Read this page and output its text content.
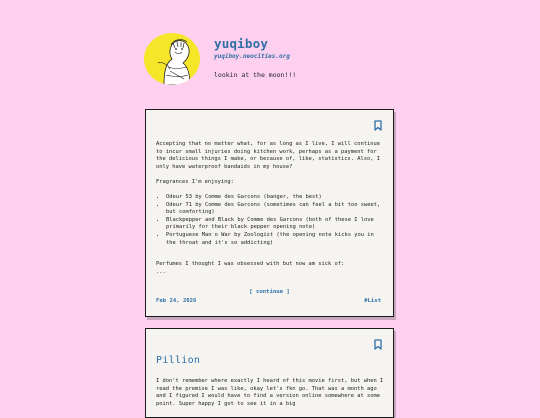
yuqiboy
yuqiboy.neocities.org
lookin at the moon!!!

Accepting that no matter what, for as long as I live, I will continue to incur small injuries doing kitchen work, perhaps as a payment for the delicious things I make, or because of, like, statistics. Also, I only have waterproof bandaids in my house?

Fragrances I'm enjoying:

• Odeur 53 by Comme des Garcons (banger, the best)
• Odeur 71 by Comme des Garcons (sometimes can feel a bit too sweet, but comforting)
• Blackpepper and Black by Comme des Garcons (both of these I love primarily for their black pepper opening note)
• Portuguese Man o War by Zoologist (the opening note kicks you in the throat and it's so addicting)

Perfumes I thought I was obsessed with but now am sick of:

...

[ continue ]
Feb 24, 2026	#List
Pillion

I don't remember where exactly I heard of this movie first, but when I read the premise I was like, okay let's fkn go. That was a month ago and I figured I would have to find a version online somewhere at some point. Super happy I got to see it in a big
